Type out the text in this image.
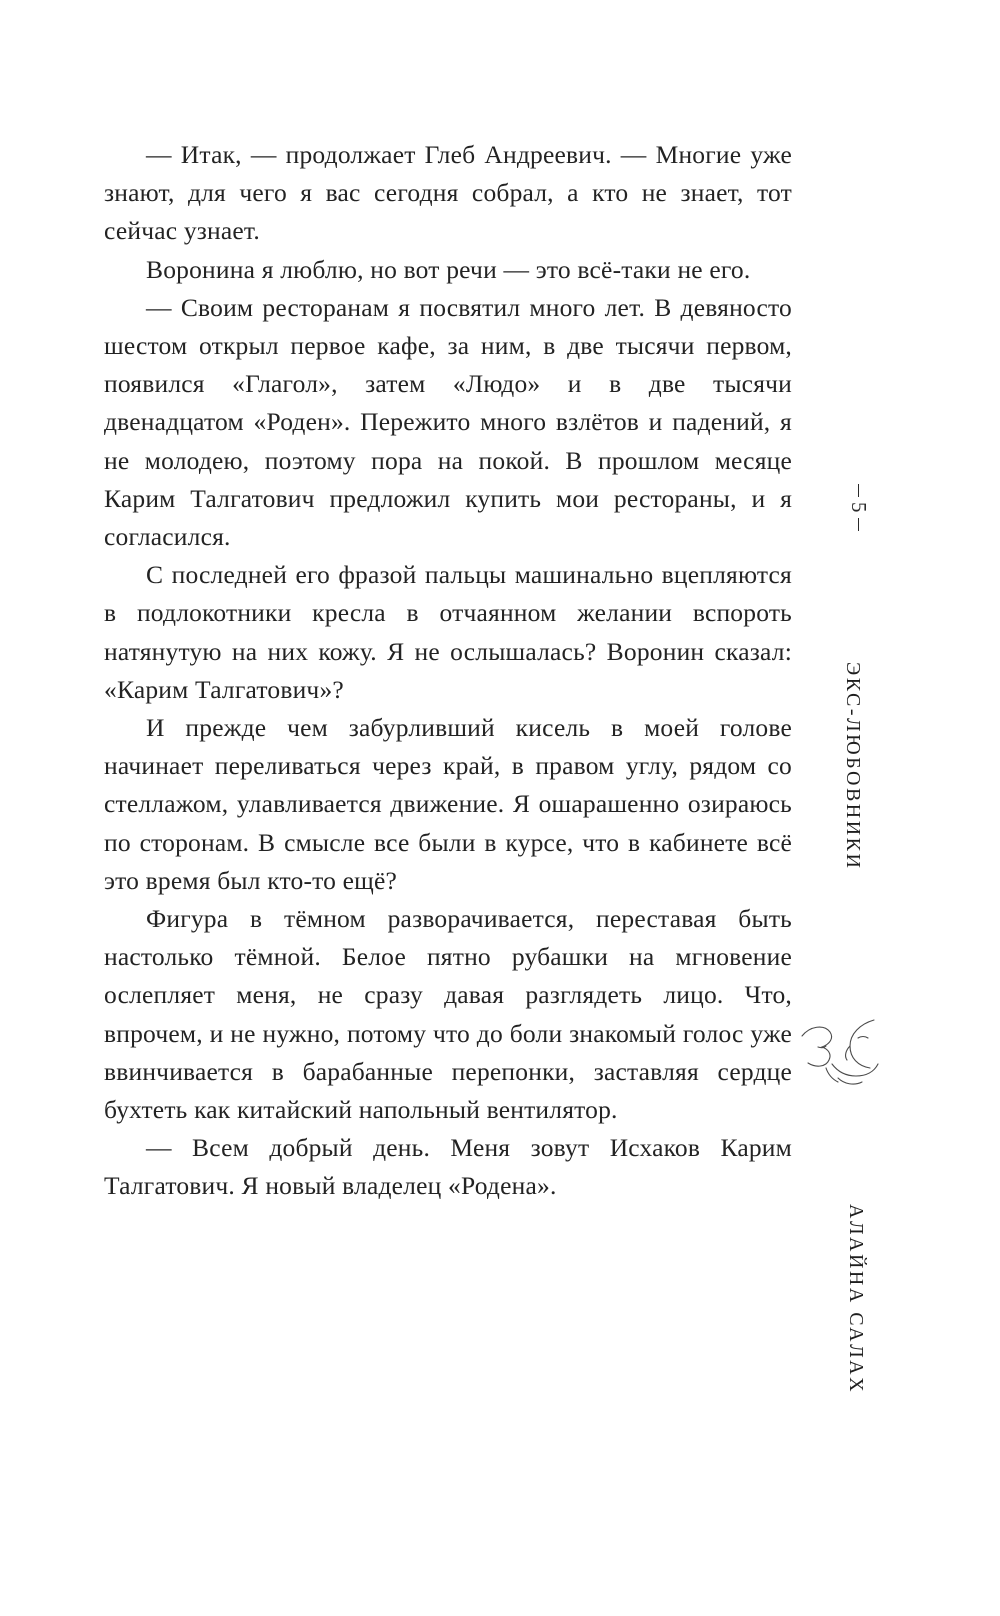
— Итак, — продолжает Глеб Андреевич. — Многие уже знают, для чего я вас сегодня собрал, а кто не знает, тот сейчас узнает.

Воронина я люблю, но вот речи — это всё-таки не его.

— Своим ресторанам я посвятил много лет. В девяносто шестом открыл первое кафе, за ним, в две тысячи первом, появился «Глагол», затем «Людо» и в две тысячи двенадцатом «Роден». Пережито много взлётов и падений, я не молодею, поэтому пора на покой. В прошлом месяце Карим Талгатович предложил купить мои рестораны, и я согласился.

С последней его фразой пальцы машинально вцепляются в подлокотники кресла в отчаянном желании вспороть натянутую на них кожу. Я не ослышалась? Воронин сказал: «Карим Талгатович»?

И прежде чем забурливший кисель в моей голове начинает переливаться через край, в правом углу, рядом со стеллажом, улавливается движение. Я ошарашенно озираюсь по сторонам. В смысле все были в курсе, что в кабинете всё это время был кто-то ещё?

Фигура в тёмном разворачивается, переставая быть настолько тёмной. Белое пятно рубашки на мгновение ослепляет меня, не сразу давая разглядеть лицо. Что, впрочем, и не нужно, потому что до боли знакомый голос уже ввинчивается в барабанные перепонки, заставляя сердце бухтеть как китайский напольный вентилятор.

— Всем добрый день. Меня зовут Исхаков Карим Талгатович. Я новый владелец «Родена».

5
ЭКС-ЛЮБОВНИКИ
АЛАЙНА САЛАХ
